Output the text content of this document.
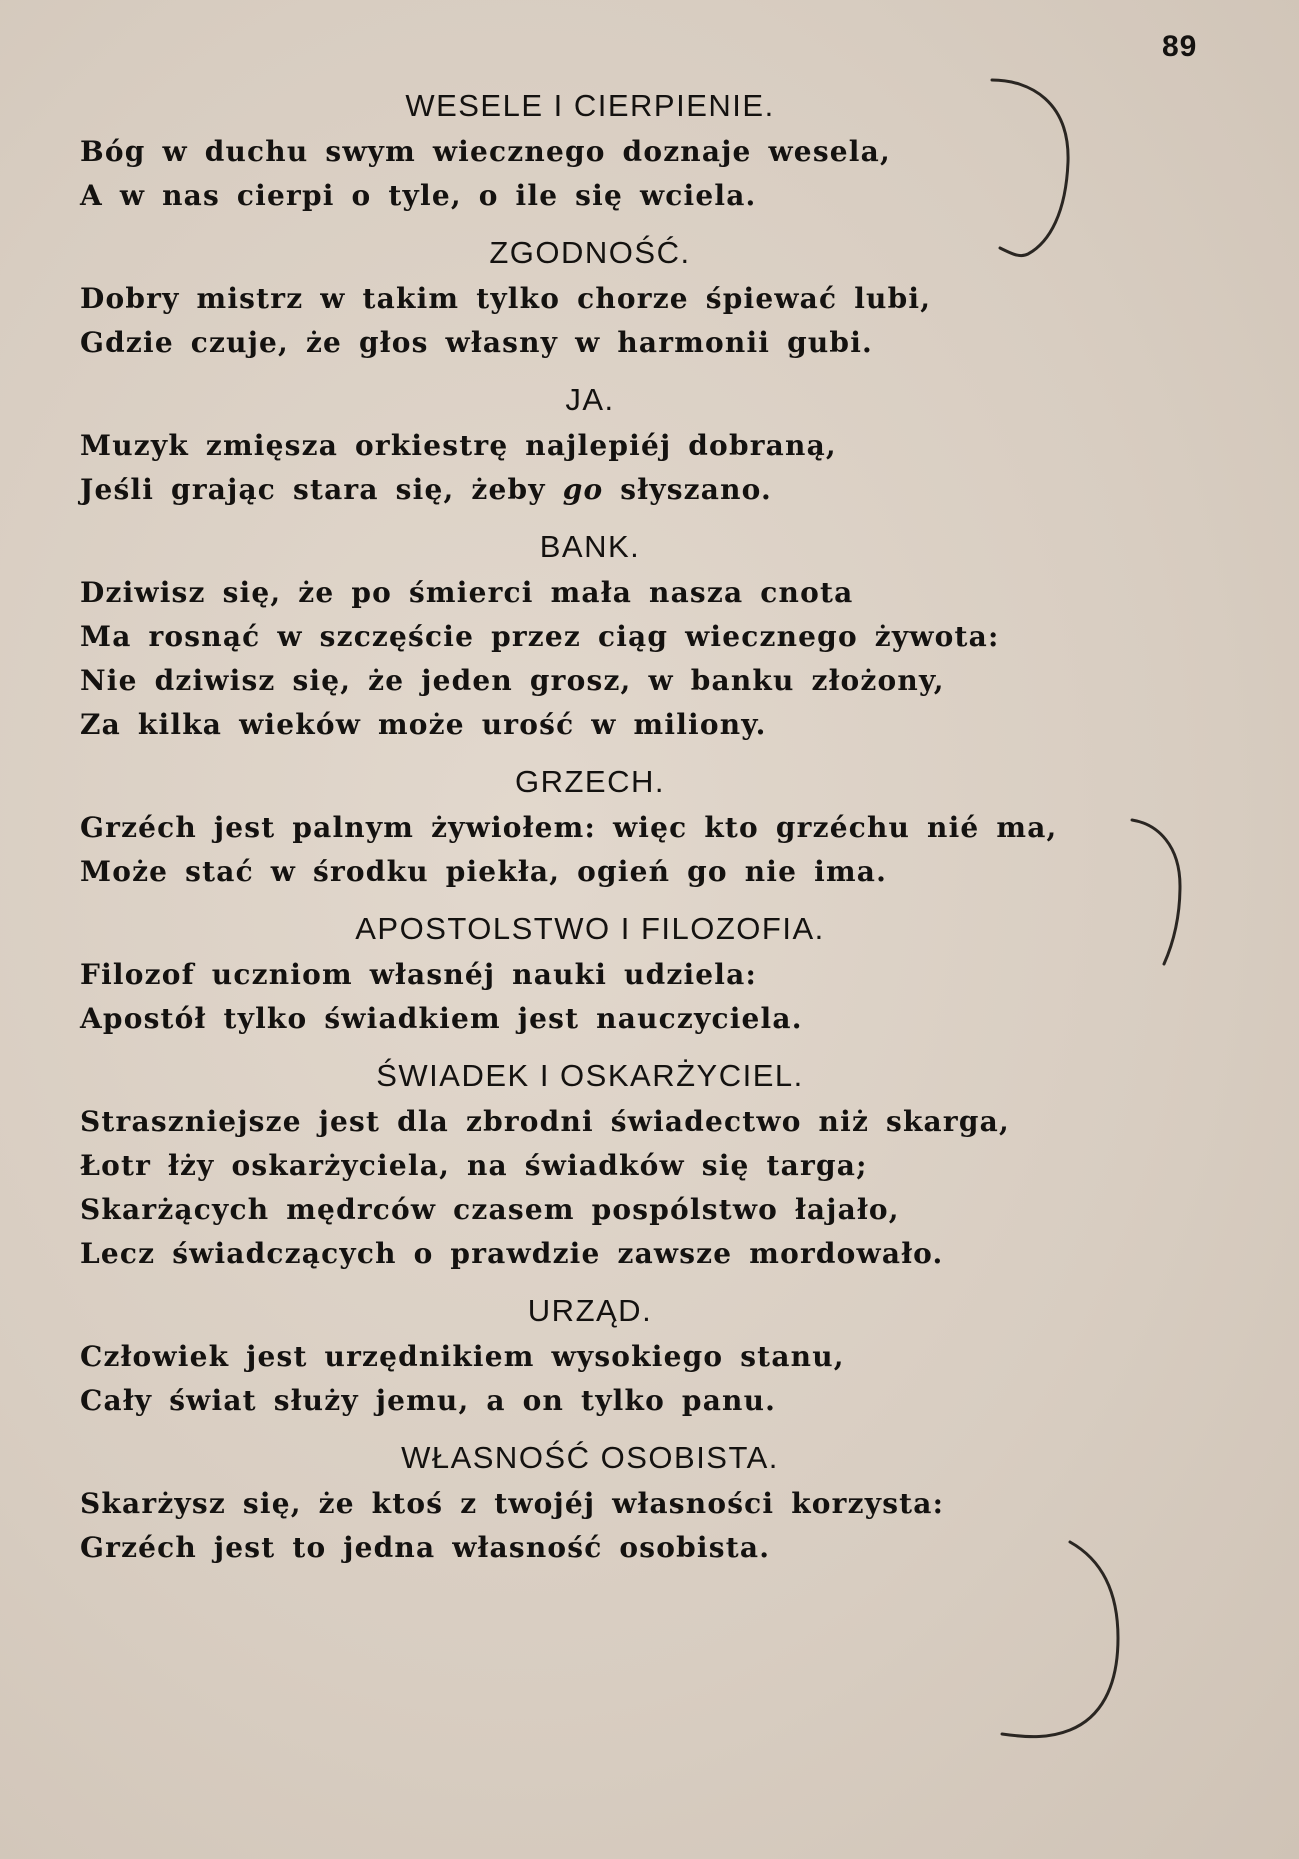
89
WESELE I CIERPIENIE.

Bóg w duchu swym wiecznego doznaje wesela,

A w nas cierpi o tyle, o ile się wciela.

ZGODNOŚĆ.

Dobry mistrz w takim tylko chorze śpiewać lubi,

Gdzie czuje, że głos własny w harmonii gubi.

JA.

Muzyk zmięsza orkiestrę najlepiéj dobraną,

Jeśli grając stara się, żeby go słyszano.

BANK.

Dziwisz się, że po śmierci mała nasza cnota

Ma rosnąć w szczęście przez ciąg wiecznego żywota:

Nie dziwisz się, że jeden grosz, w banku złożony,

Za kilka wieków może urość w miliony.

GRZECH.

Grzéch jest palnym żywiołem: więc kto grzéchu nié ma,

Może stać w środku piekła, ogień go nie ima.

APOSTOLSTWO I FILOZOFIA.

Filozof uczniom własnéj nauki udziela:

Apostół tylko świadkiem jest nauczyciela.

ŚWIADEK I OSKARŻYCIEL.

Straszniejsze jest dla zbrodni świadectwo niż skarga,

Łotr łży oskarżyciela, na świadków się targa;

Skarżących mędrców czasem pospólstwo łajało,

Lecz świadczących o prawdzie zawsze mordowało.

URZĄD.

Człowiek jest urzędnikiem wysokiego stanu,

Cały świat służy jemu, a on tylko panu.

WŁASNOŚĆ OSOBISTA.

Skarżysz się, że ktoś z twojéj własności korzysta:

Grzéch jest to jedna własność osobista.
